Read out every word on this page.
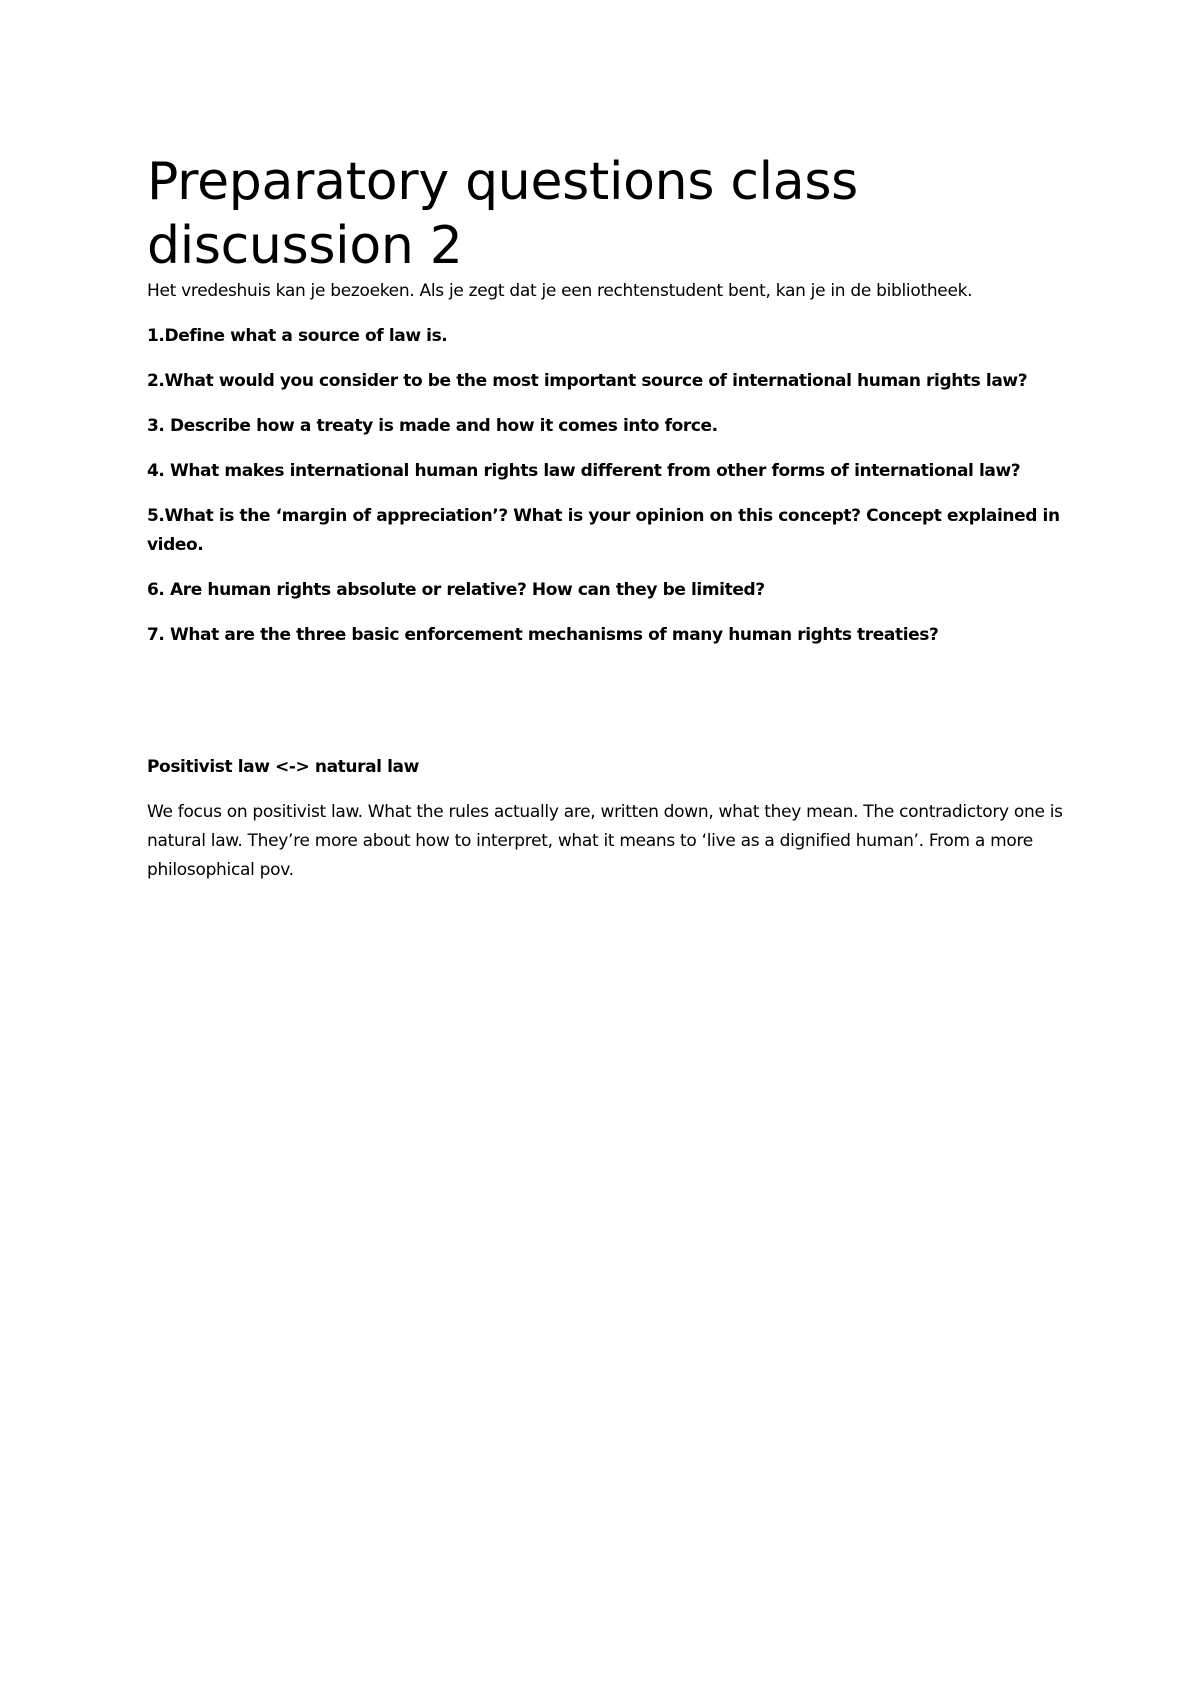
Preparatory questions class discussion 2

Het vredeshuis kan je bezoeken. Als je zegt dat je een rechtenstudent bent, kan je in de bibliotheek.

1.Define what a source of law is.
2.What would you consider to be the most important source of international human rights law?
3. Describe how a treaty is made and how it comes into force.
4. What makes international human rights law different from other forms of international law?
5.What is the ‘margin of appreciation’? What is your opinion on this concept? Concept explained in video.
6. Are human rights absolute or relative? How can they be limited?
7. What are the three basic enforcement mechanisms of many human rights treaties?

Positivist law <-> natural law

We focus on positivist law. What the rules actually are, written down, what they mean. The contradictory one is natural law. They’re more about how to interpret, what it means to ‘live as a dignified human’. From a more philosophical pov.
